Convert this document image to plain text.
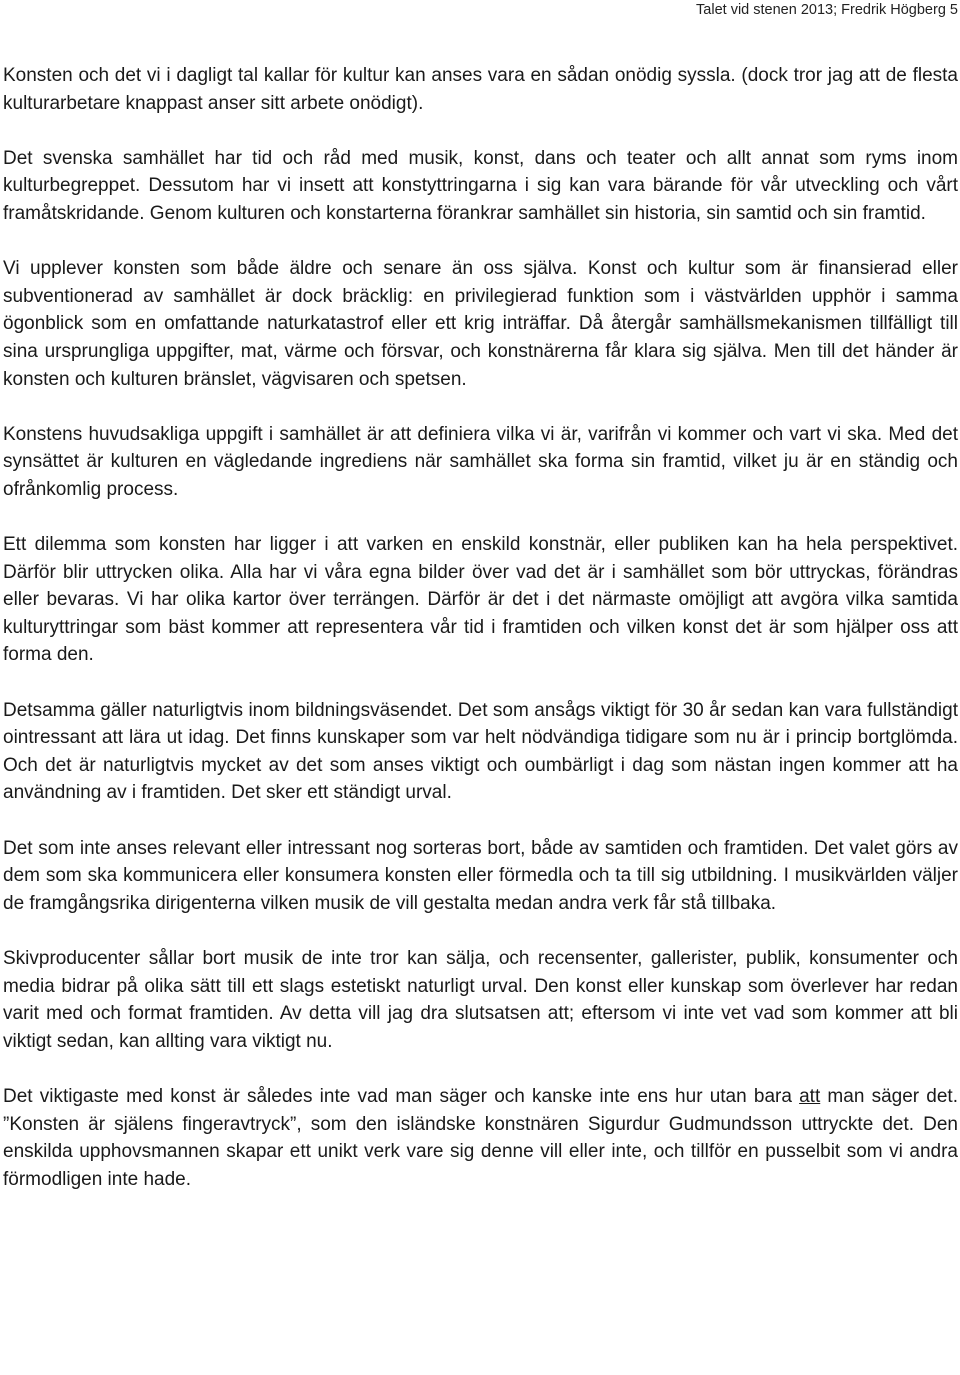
Talet vid stenen 2013; Fredrik Högberg 5

Konsten och det vi i dagligt tal kallar för kultur kan anses vara en sådan onödig syssla. (dock tror jag att de flesta kulturarbetare knappast anser sitt arbete onödigt).

Det svenska samhället har tid och råd med musik, konst, dans och teater och allt annat som ryms inom kulturbegreppet. Dessutom har vi insett att konstyttringarna i sig kan vara bärande för vår utveckling och vårt framåtskridande. Genom kulturen och konstarterna förankrar samhället sin historia, sin samtid och sin framtid.

Vi upplever konsten som både äldre och senare än oss själva. Konst och kultur som är finansierad eller subventionerad av samhället är dock bräcklig: en privilegierad funktion som i västvärlden upphör i samma ögonblick som en omfattande naturkatastrof eller ett krig inträffar. Då återgår samhällsmekanismen tillfälligt till sina ursprungliga uppgifter, mat, värme och försvar, och konstnärerna får klara sig själva. Men till det händer är konsten och kulturen bränslet, vägvisaren och spetsen.

Konstens huvudsakliga uppgift i samhället är att definiera vilka vi är, varifrån vi kommer och vart vi ska. Med det synsättet är kulturen en vägledande ingrediens när samhället ska forma sin framtid, vilket ju är en ständig och ofrånkomlig process.

Ett dilemma som konsten har ligger i att varken en enskild konstnär, eller publiken kan ha hela perspektivet. Därför blir uttrycken olika. Alla har vi våra egna bilder över vad det är i samhället som bör uttryckas, förändras eller bevaras. Vi har olika kartor över terrängen. Därför är det i det närmaste omöjligt att avgöra vilka samtida kulturyttringar som bäst kommer att representera vår tid i framtiden och vilken konst det är som hjälper oss att forma den.

Detsamma gäller naturligtvis inom bildningsväsendet. Det som ansågs viktigt för 30 år sedan kan vara fullständigt ointressant att lära ut idag. Det finns kunskaper som var helt nödvändiga tidigare som nu är i princip bortglömda. Och det är naturligtvis mycket av det som anses viktigt och oumbärligt i dag som nästan ingen kommer att ha användning av i framtiden. Det sker ett ständigt urval.

Det som inte anses relevant eller intressant nog sorteras bort, både av samtiden och framtiden. Det valet görs av dem som ska kommunicera eller konsumera konsten eller förmedla och ta till sig utbildning. I musikvärlden väljer de framgångsrika dirigenterna vilken musik de vill gestalta medan andra verk får stå tillbaka.

Skivproducenter sållar bort musik de inte tror kan sälja, och recensenter, gallerister, publik, konsumenter och media bidrar på olika sätt till ett slags estetiskt naturligt urval. Den konst eller kunskap som överlever har redan varit med och format framtiden. Av detta vill jag dra slutsatsen att; eftersom vi inte vet vad som kommer att bli viktigt sedan, kan allting vara viktigt nu.

Det viktigaste med konst är således inte vad man säger och kanske inte ens hur utan bara att man säger det. ”Konsten är själens fingeravtryck”, som den isländske konstnären Sigurdur Gudmundsson uttryckte det. Den enskilda upphovsmannen skapar ett unikt verk vare sig denne vill eller inte, och tillför en pusselbit som vi andra förmodligen inte hade.
